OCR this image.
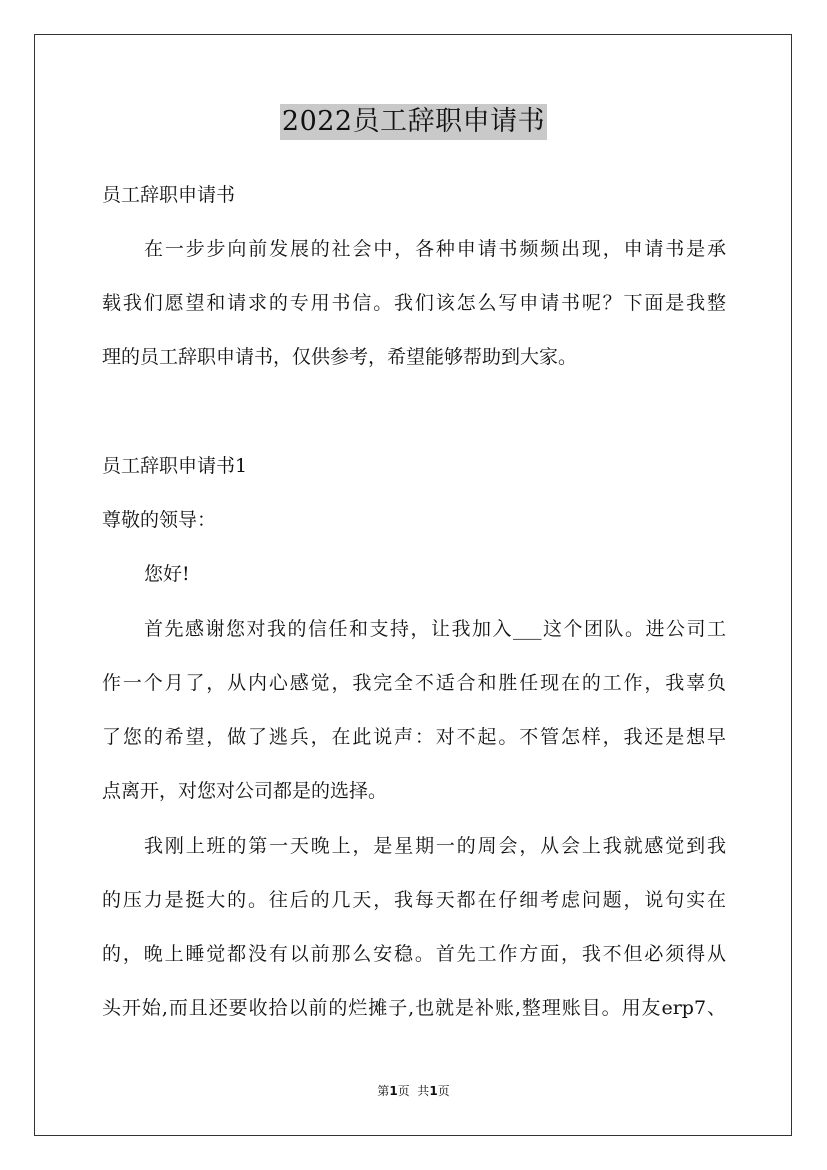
2022员工辞职申请书
员工辞职申请书
在一步步向前发展的社会中，各种申请书频频出现，申请书是承
载我们愿望和请求的专用书信。我们该怎么写申请书呢？下面是我整
理的员工辞职申请书，仅供参考，希望能够帮助到大家。
员工辞职申请书1
尊敬的领导：
您好!
首先感谢您对我的信任和支持，让我加入___这个团队。进公司工
作一个月了，从内心感觉，我完全不适合和胜任现在的工作，我辜负
了您的希望，做了逃兵，在此说声：对不起。不管怎样，我还是想早
点离开，对您对公司都是的选择。
我刚上班的第一天晚上，是星期一的周会，从会上我就感觉到我
的压力是挺大的。往后的几天，我每天都在仔细考虑问题，说句实在
的，晚上睡觉都没有以前那么安稳。首先工作方面，我不但必须得从
头开始,而且还要收拾以前的烂摊子,也就是补账,整理账目。用友erp7、
第1页  共1页
